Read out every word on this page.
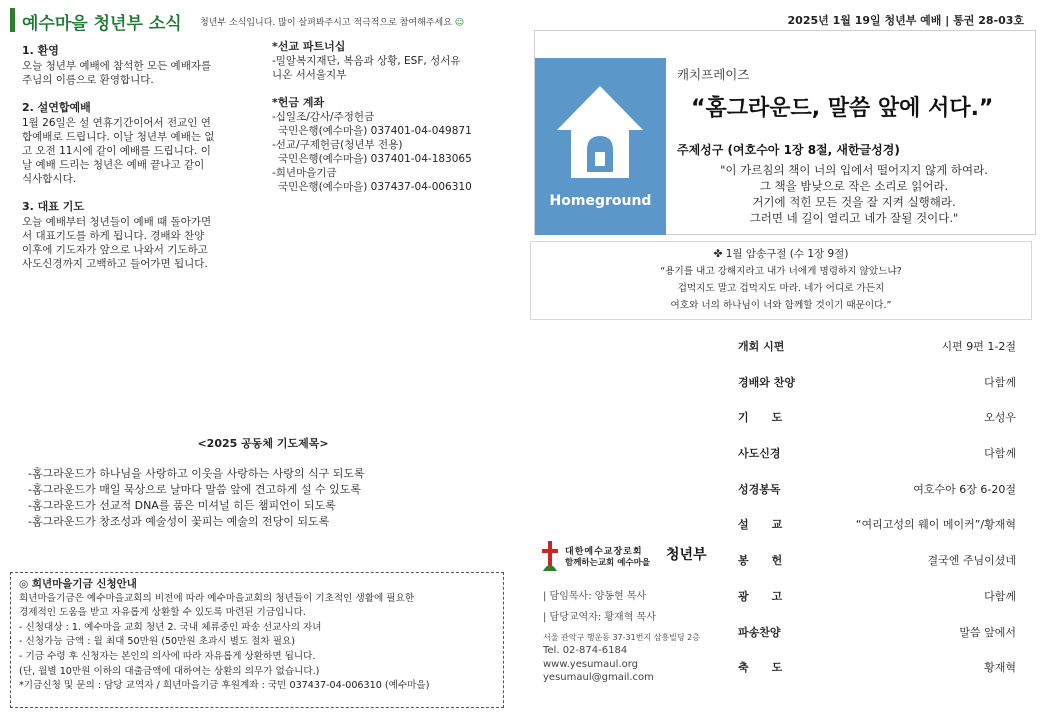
예수마을 청년부 소식 청년부 소식입니다. 많이 살펴봐주시고 적극적으로 참여해주세요 ☺	2025년 1월 19일 청년부 예배 | 통권 28-03호
1. 환영
오늘 청년부 예배에 참석한 모든 예배자를
주님의 이름으로 환영합니다.
2. 설연합예배
1월 26일은 설 연휴기간이어서 전교인 연
합예배로 드립니다. 이날 청년부 예배는 없
고 오전 11시에 같이 예배를 드립니다. 이
날 예배 드리는 청년은 예배 끝나고 같이
식사합시다.
3. 대표 기도
오늘 예배부터 청년들이 예배 때 돌아가면
서 대표기도를 하게 됩니다. 경배와 찬양
이후에 기도자가 앞으로 나와서 기도하고
사도신경까지 고백하고 들어가면 됩니다.
*선교 파트너십
-밀알복지재단, 복음과 상황, ESF, 성서유
니온 서서울지부
*헌금 계좌
-십일조/감사/주정헌금
국민은행(예수마을) 037401-04-049871
-선교/구제헌금(청년부 전용)
국민은행(예수마을) 037401-04-183065
-희년마을기금
국민은행(예수마을) 037437-04-006310
<2025 공동체 기도제목>
-홈그라운드가 하나님을 사랑하고 이웃을 사랑하는 사랑의 식구 되도록
-홈그라운드가 매일 묵상으로 날마다 말씀 앞에 견고하게 설 수 있도록
-홈그라운드가 선교적 DNA를 품은 미셔널 히든 챔피언이 되도록
-홈그라운드가 창조성과 예술성이 꽃피는 예술의 전당이 되도록
◎ 희년마을기금 신청안내
희년마을기금은 예수마을교회의 비전에 따라 예수마을교회의 청년들이 기초적인 생활에 필요한
경제적인 도움을 받고 자유롭게 상환할 수 있도록 마련된 기금입니다.
- 신청대상 : 1. 예수마을 교회 청년 2. 국내 체류중인 파송 선교사의 자녀
- 신청가능 금액 : 월 최대 50만원 (50만원 초과시 별도 절차 필요)
- 기금 수령 후 신청자는 본인의 의사에 따라 자유롭게 상환하면 됩니다.
(단, 월별 10만원 이하의 대출금액에 대하여는 상환의 의무가 없습니다.)
*기금신청 및 문의 : 담당 교역자 / 희년마을기금 후원계좌 : 국민 037437-04-006310 (예수마을)
Homeground
캐치프레이즈
“홈그라운드, 말씀 앞에 서다.”
주제성구 (여호수아 1장 8절, 새한글성경)
"이 가르침의 책이 너의 입에서 떨어지지 않게 하여라.
그 책을 밤낮으로 작은 소리로 읽어라.
거기에 적힌 모든 것을 잘 지켜 실행해라.
그러면 네 길이 열리고 네가 잘될 것이다."
✤ 1월 암송구절 (수 1장 9절)
“용기를 내고 강해지라고 내가 너에게 명령하지 않았느냐?
겁먹지도 말고 겁먹지도 마라. 네가 어디로 가든지
여호와 너의 하나님이 너와 함께할 것이기 때문이다.”
대한예수교장로회
함께하는교회 예수마을 청년부
| 담임목사: 양동현 목사
| 담당교역자: 황재혁 목사
서울 관악구 행운동 37-31번지 삼흥빌딩 2층
Tel. 02-874-6184
www.yesumaul.org
yesumaul@gmail.com
개회 시편	시편 9편 1-2절
경배와 찬양	다함께
기      도	오성우
사도신경	다함께
성경봉독	여호수아 6장 6-20절
설      교	“여리고성의 웨이 메이커”/황재혁
봉      헌	결국엔 주님이셨네
광      고	다함께
파송찬양	말씀 앞에서
축      도	황재혁
